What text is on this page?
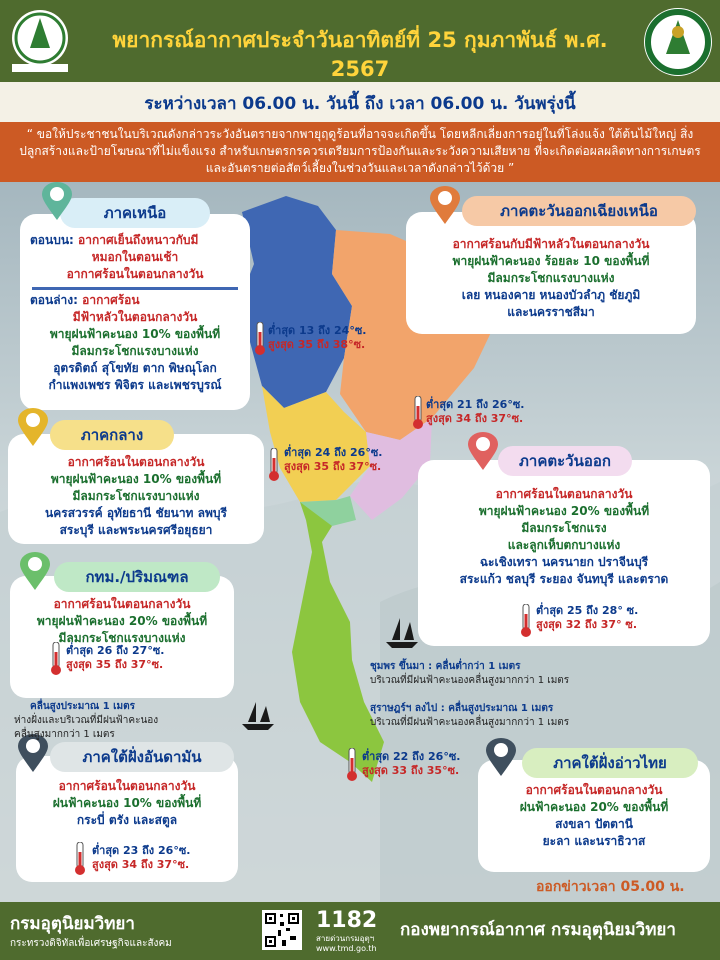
พยากรณ์อากาศประจำวันอาทิตย์ที่ 25 กุมภาพันธ์ พ.ศ. 2567
ระหว่างเวลา 06.00 น. วันนี้ ถึง เวลา 06.00 น. วันพรุ่งนี้
“ ขอให้ประชาชนในบริเวณดังกล่าวระวังอันตรายจากพายุฤดูร้อนที่อาจจะเกิดขึ้น โดยหลีกเลี่ยงการอยู่ในที่โล่งแจ้ง ใต้ต้นไม้ใหญ่ สิ่งปลูกสร้างและป้ายโฆษณาที่ไม่แข็งแรง สำหรับเกษตรกรควรเตรียมการป้องกันและระวังความเสียหาย ที่จะเกิดต่อผลผลิตทางการเกษตรและอันตรายต่อสัตว์เลี้ยงในช่วงวันและเวลาดังกล่าวไว้ด้วย ”
ตอนบน: อากาศเย็นถึงหนาวกับมี
หมอกในตอนเช้า
อากาศร้อนในตอนกลางวัน
ตอนล่าง: อากาศร้อน
มีฟ้าหลัวในตอนกลางวัน
พายุฝนฟ้าคะนอง 10% ของพื้นที่
มีลมกระโชกแรงบางแห่ง
อุตรดิตถ์ สุโขทัย ตาก พิษณุโลก
กำแพงเพชร พิจิตร และเพชรบูรณ์
ภาคเหนือ
อากาศร้อนกับมีฟ้าหลัวในตอนกลางวัน
พายุฝนฟ้าคะนอง ร้อยละ 10 ของพื้นที่
มีลมกระโชกแรงบางแห่ง
เลย หนองคาย หนองบัวลำภู ชัยภูมิ
และนครราชสีมา
ภาคตะวันออกเฉียงเหนือ
อากาศร้อนในตอนกลางวัน
พายุฝนฟ้าคะนอง 10% ของพื้นที่
มีลมกระโชกแรงบางแห่ง
นครสวรรค์ อุทัยธานี ชัยนาท ลพบุรี
สระบุรี และพระนครศรีอยุธยา
ภาคกลาง
อากาศร้อนในตอนกลางวัน
พายุฝนฟ้าคะนอง 20% ของพื้นที่
มีลมกระโชกแรง
และลูกเห็บตกบางแห่ง
ฉะเชิงเทรา นครนายก ปราจีนบุรี
สระแก้ว ชลบุรี ระยอง จันทบุรี และตราด
ภาคตะวันออก
อากาศร้อนในตอนกลางวัน
พายุฝนฟ้าคะนอง 20% ของพื้นที่
มีลมกระโชกแรงบางแห่ง
กทม./ปริมณฑล
อากาศร้อนในตอนกลางวัน
ฝนฟ้าคะนอง 10% ของพื้นที่
กระบี่ ตรัง และสตูล
ภาคใต้ฝั่งอันดามัน
อากาศร้อนในตอนกลางวัน
ฝนฟ้าคะนอง 20% ของพื้นที่
สงขลา ปัตตานี
ยะลา และนราธิวาส
ภาคใต้ฝั่งอ่าวไทย
ต่ำสุด 13 ถึง 24°ซ.
สูงสุด 35 ถึง 38°ซ.
ต่ำสุด 21 ถึง 26°ซ.
สูงสุด 34 ถึง 37°ซ.
ต่ำสุด 24 ถึง 26°ซ.
สูงสุด 35 ถึง 37°ซ.
ต่ำสุด 25 ถึง 28° ซ.
สูงสุด 32 ถึง 37° ซ.
ต่ำสุด 26 ถึง 27°ซ.
สูงสุด 35 ถึง 37°ซ.
ต่ำสุด 23 ถึง 26°ซ.
สูงสุด 34 ถึง 37°ซ.
ต่ำสุด 22 ถึง 26°ซ.
สูงสุด 33 ถึง 35°ซ.
ชุมพร ขึ้นมา : คลื่นต่ำกว่า 1 เมตร
บริเวณที่มีฝนฟ้าคะนองคลื่นสูงมากกว่า 1 เมตร
สุราษฎร์ฯ ลงไป : คลื่นสูงประมาณ 1 เมตร
บริเวณที่มีฝนฟ้าคะนองคลื่นสูงมากกว่า 1 เมตร
คลื่นสูงประมาณ 1 เมตร
ห่างฝั่งและบริเวณที่มีฝนฟ้าคะนอง
คลื่นสูงมากกว่า 1 เมตร
ออกข่าวเวลา 05.00 น.
กรมอุตุนิยมวิทยา
กระทรวงดิจิทัลเพื่อเศรษฐกิจและสังคม
1182
สายด่วนกรมอุตุฯ
www.tmd.go.th
กองพยากรณ์อากาศ กรมอุตุนิยมวิทยา
